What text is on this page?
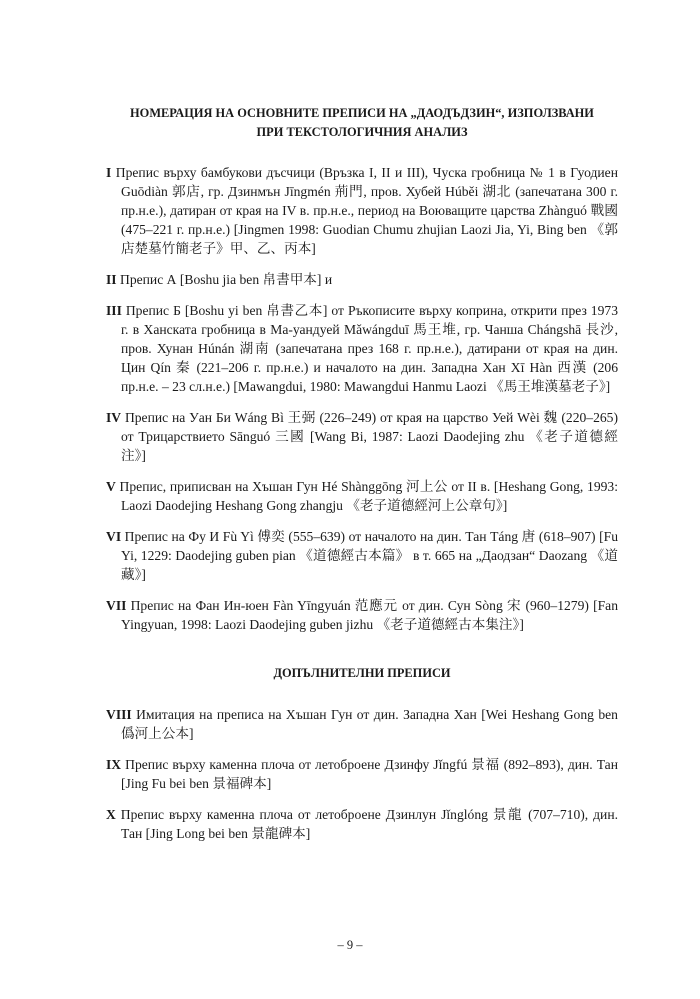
НОМЕРАЦИЯ НА ОСНОВНИТЕ ПРЕПИСИ НА „ДАОДЪДЗИН“, ИЗПОЛЗВАНИ
ПРИ ТЕКСТОЛОГИЧНИЯ АНАЛИЗ

I Препис върху бамбукови дъсчици (Връзка I, II и III), Чуска гробница № 1 в Гуодиен Guōdiàn 郭店, гр. Дзинмън Jīngmén 荊門, пров. Хубей Húběi 湖北 (запечатана 300 г. пр.н.е.), датиран от края на IV в. пр.н.е., период на Воюващите царства Zhànguó 戰國 (475–221 г. пр.н.е.) [Jingmen 1998: Guodian Chumu zhujian Laozi Jia, Yi, Bing ben 《郭店楚墓竹簡老子》甲、乙、丙本]

II Препис А [Boshu jia ben 帛書甲本] и

III Препис Б [Boshu yi ben 帛書乙本] от Ръкописите върху коприна, открити през 1973 г. в Ханската гробница в Ма-уандуей Mǎwángduī 馬王堆, гр. Чанша Chángshā 長沙, пров. Хунан Húnán 湖南 (запечатана през 168 г. пр.н.е.), датирани от края на дин. Цин Qín 秦 (221–206 г. пр.н.е.) и началото на дин. Западна Хан Xī Hàn 西漢 (206 пр.н.е. – 23 сл.н.е.) [Mawangdui, 1980: Mawangdui Hanmu Laozi 《馬王堆漢墓老子》]

IV Препис на Уан Би Wáng Bì 王弼 (226–249) от края на царство Уей Wèi 魏 (220–265) от Трицарствието Sānguó 三國 [Wang Bi, 1987: Laozi Daodejing zhu 《老子道德經注》]

V Препис, приписван на Хъшан Гун Hé Shànggōng 河上公 от II в. [Heshang Gong, 1993: Laozi Daodejing Heshang Gong zhangju 《老子道德經河上公章句》]

VI Препис на Фу И Fù Yì 傅奕 (555–639) от началото на дин. Тан Táng 唐 (618–907) [Fu Yi, 1229: Daodejing guben pian 《道德經古本篇》 в т. 665 на „Даодзан“ Daozang 《道藏》]

VII Препис на Фан Ин-юен Fàn Yīngyuán 范應元 от дин. Сун Sòng 宋 (960–1279) [Fan Yingyuan, 1998: Laozi Daodejing guben jizhu 《老子道德經古本集注》]

ДОПЪЛНИТЕЛНИ ПРЕПИСИ

VIII Имитация на преписа на Хъшан Гун от дин. Западна Хан [Wei Heshang Gong ben 僞河上公本]

IX Препис върху каменна плоча от летоброене Дзинфу Jǐngfú 景福 (892–893), дин. Тан [Jing Fu bei ben 景福碑本]

X Препис върху каменна плоча от летоброене Дзинлун Jǐnglóng 景龍 (707–710), дин. Тан [Jing Long bei ben 景龍碑本]

– 9 –
